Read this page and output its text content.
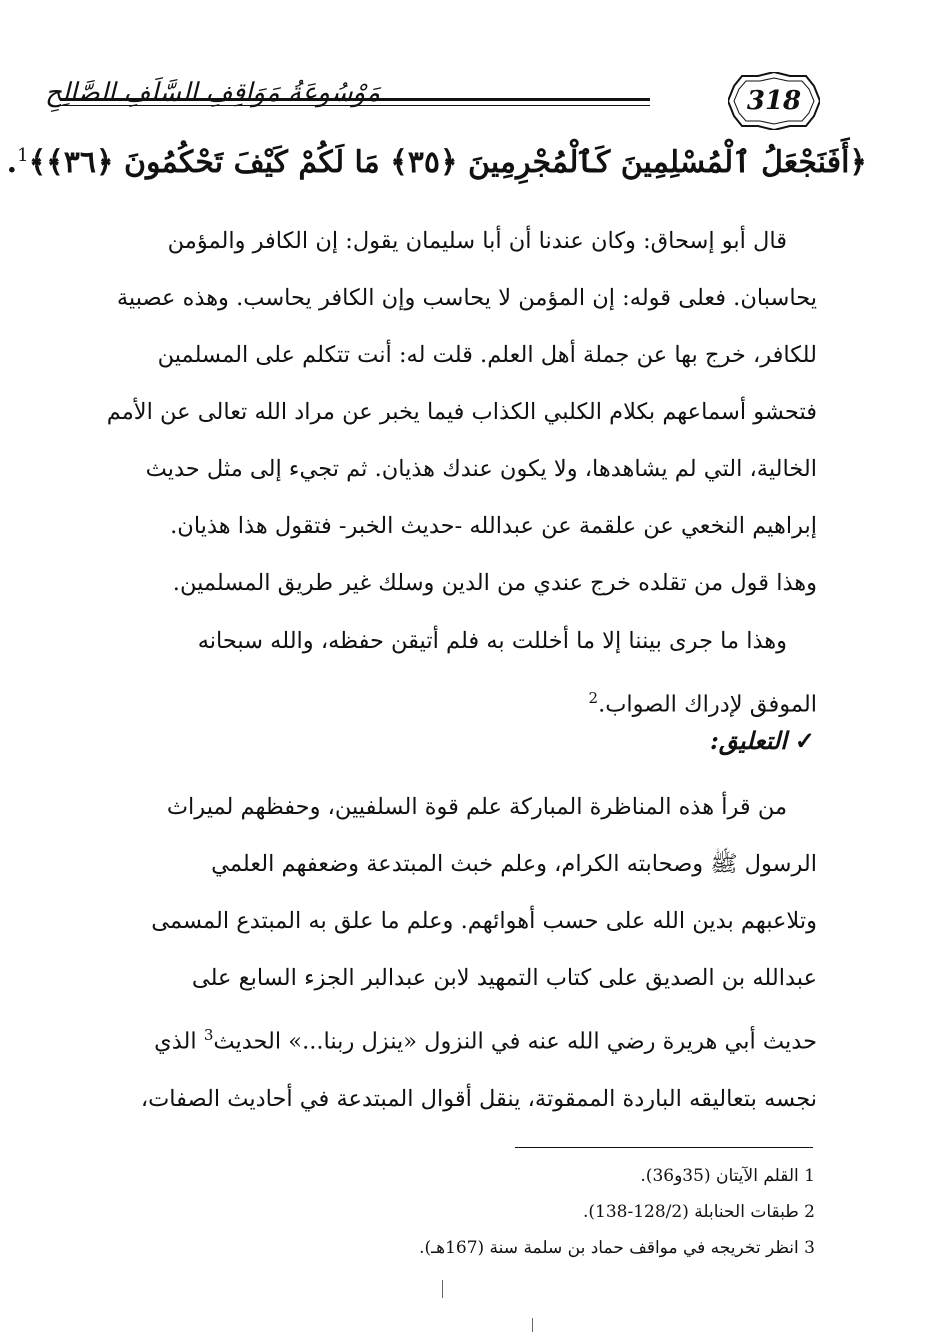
مَوْسُوعَةُ مَوَاقِفِ السَّلَفِ الصَّالِحِ	318
﴿أَفَنَجْعَلُ ٱلْمُسْلِمِينَ كَٱلْمُجْرِمِينَ ﴿٣٥﴾ مَا لَكُمْ كَيْفَ تَحْكُمُونَ ﴿٣٦﴾﴾$^1$.
قال أبو إسحاق: وكان عندنا أن أبا سليمان يقول: إن الكافر والمؤمن
يحاسبان. فعلى قوله: إن المؤمن لا يحاسب وإن الكافر يحاسب. وهذه عصبية
للكافر، خرج بها عن جملة أهل العلم. قلت له: أنت تتكلم على المسلمين
فتحشو أسماعهم بكلام الكلبي الكذاب فيما يخبر عن مراد الله تعالى عن الأمم
الخالية، التي لم يشاهدها، ولا يكون عندك هذيان. ثم تجيء إلى مثل حديث
إبراهيم النخعي عن علقمة عن عبدالله -حديث الخبر- فتقول هذا هذيان.
وهذا قول من تقلده خرج عندي من الدين وسلك غير طريق المسلمين.
وهذا ما جرى بيننا إلا ما أخللت به فلم أتيقن حفظه، والله سبحانه
الموفق لإدراك الصواب.$^2$
✓التعليق:
من قرأ هذه المناظرة المباركة علم قوة السلفيين، وحفظهم لميراث
الرسول ﷺ وصحابته الكرام، وعلم خبث المبتدعة وضعفهم العلمي
وتلاعبهم بدين الله على حسب أهوائهم. وعلم ما علق به المبتدع المسمى
عبدالله بن الصديق على كتاب التمهيد لابن عبدالبر الجزء السابع على
حديث أبي هريرة رضي الله عنه في النزول «ينزل ربنا...» الحديث$^3$ الذي
نجسه بتعاليقه الباردة الممقوتة، ينقل أقوال المبتدعة في أحاديث الصفات،
1 القلم الآيتان (35و36).
2 طبقات الحنابلة (128/2-138).
3 انظر تخريجه في مواقف حماد بن سلمة سنة (167هـ).
